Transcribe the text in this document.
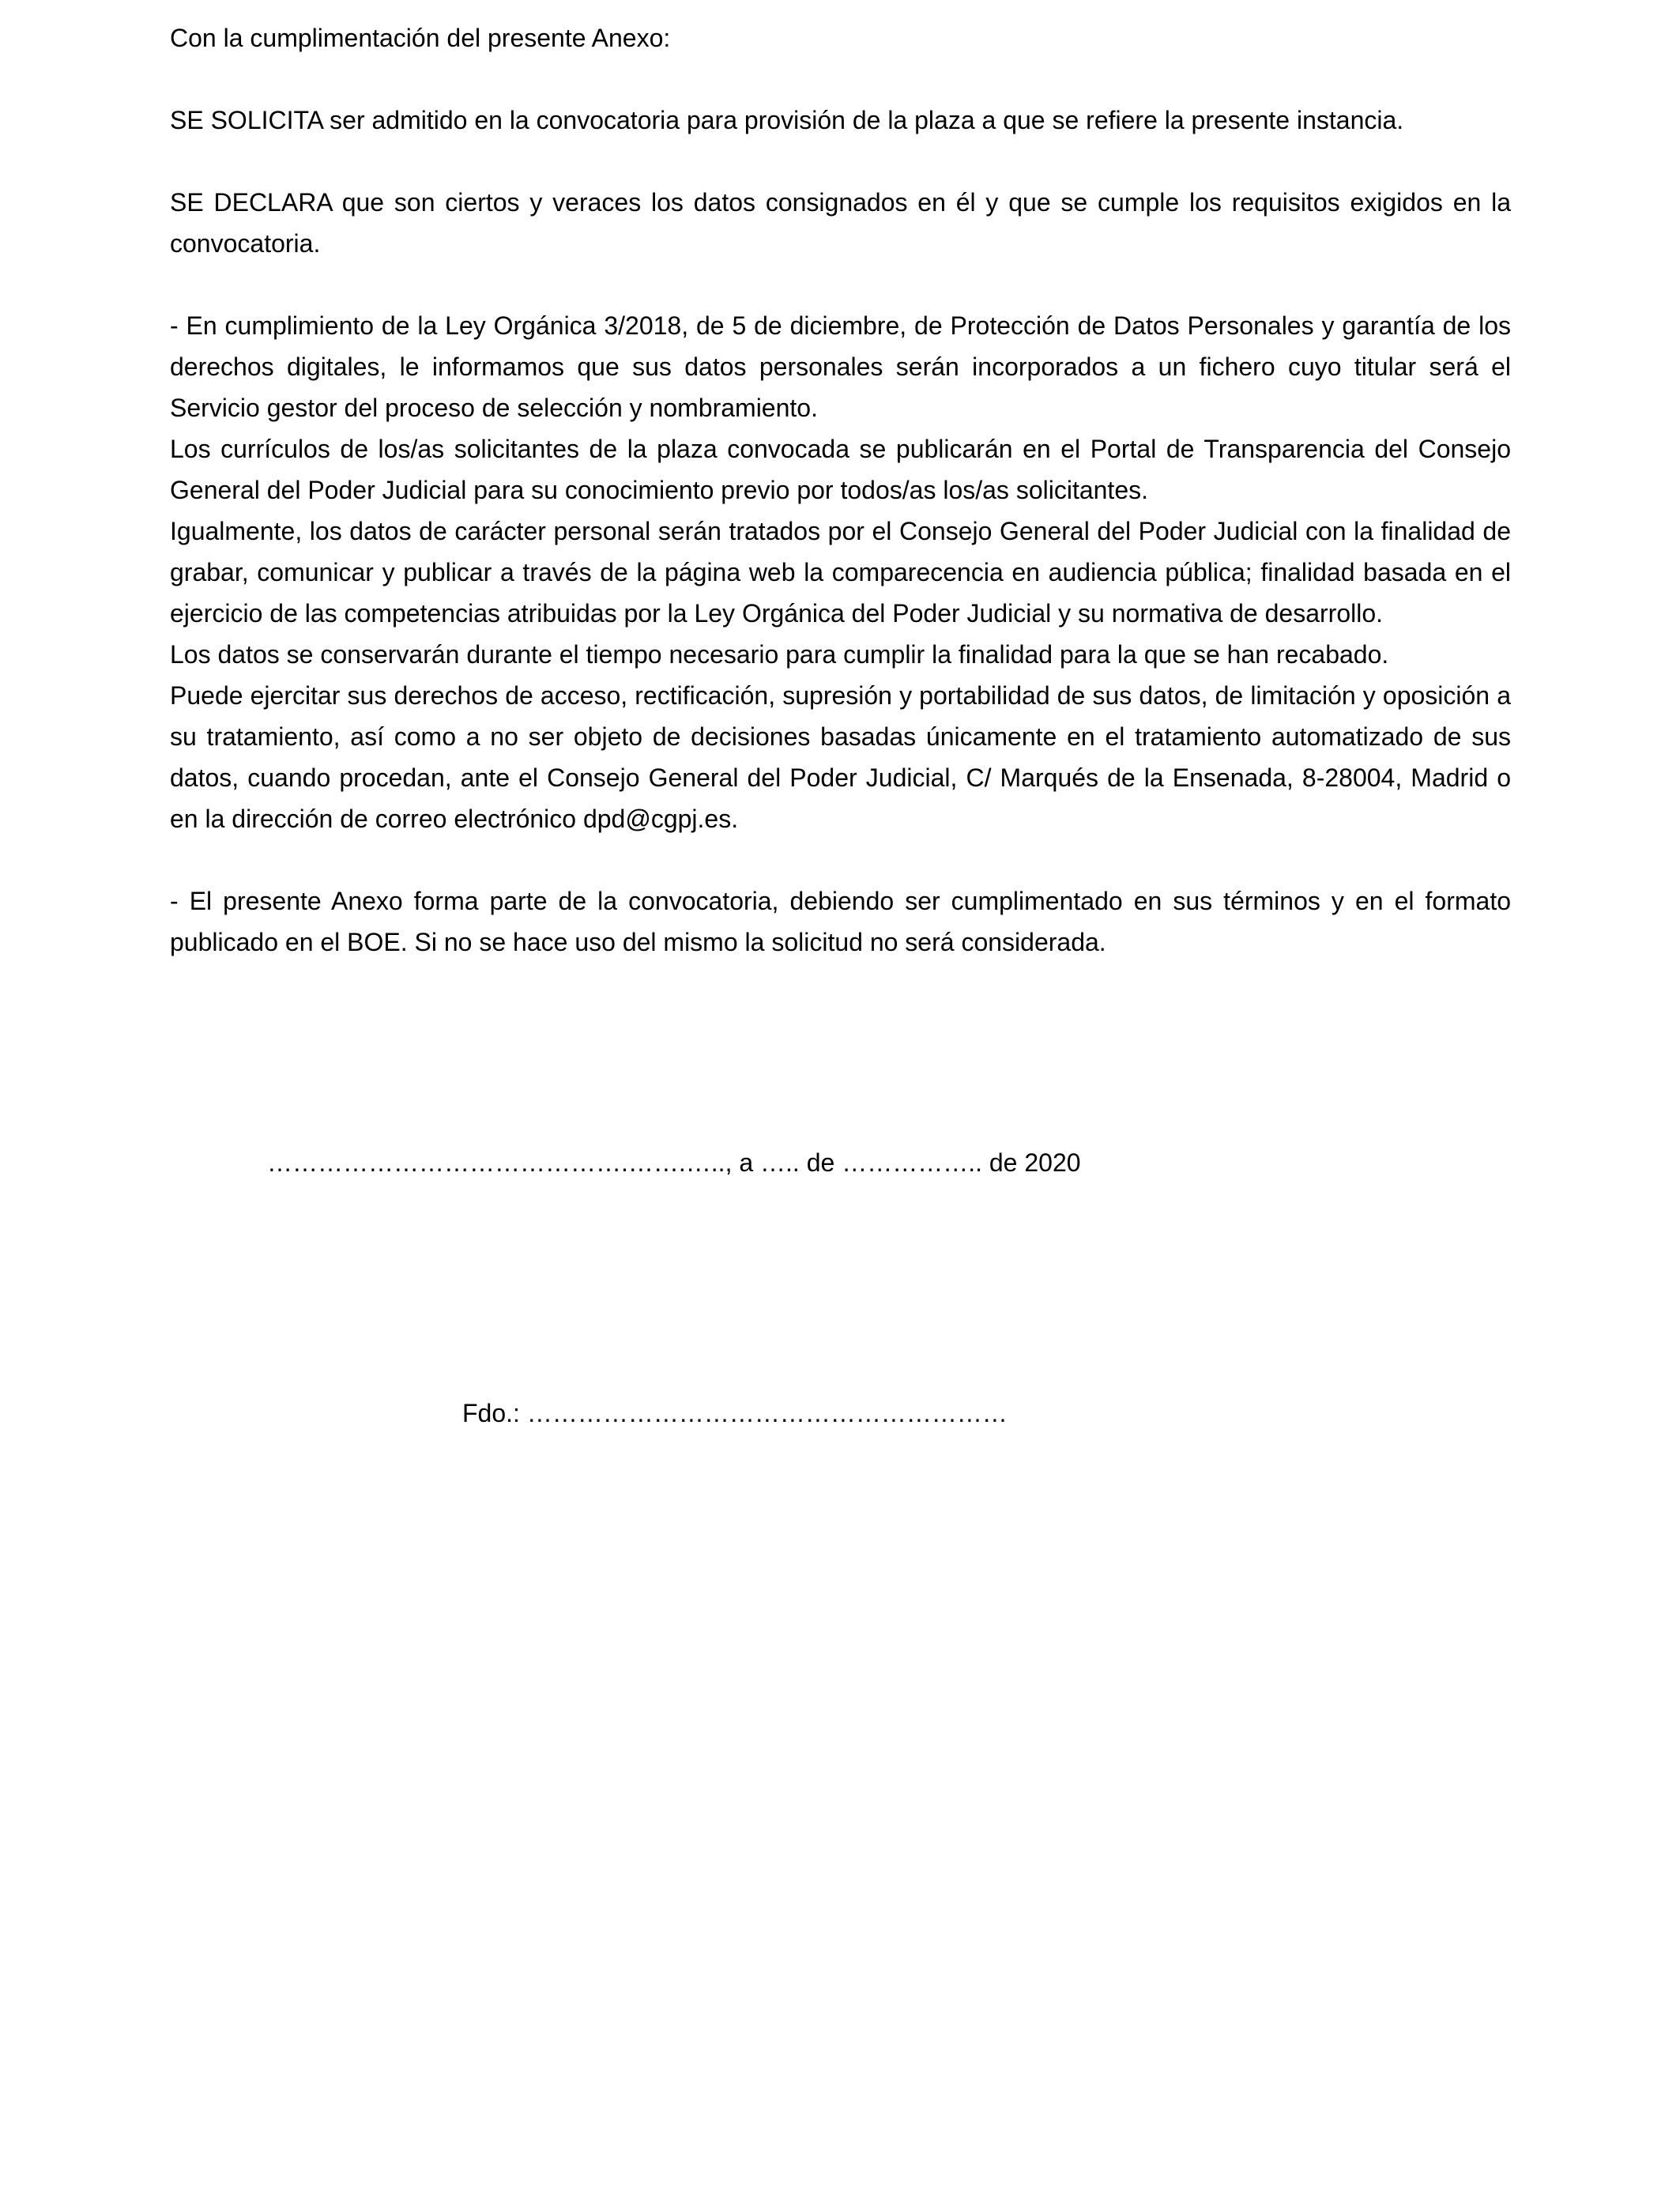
Con la cumplimentación del presente Anexo:

SE SOLICITA ser admitido en la convocatoria para provisión de la plaza a que se refiere la presente instancia.

SE DECLARA que son ciertos y veraces los datos consignados en él y que se cumple los requisitos exigidos en la convocatoria.

- En cumplimiento de la Ley Orgánica 3/2018, de 5 de diciembre, de Protección de Datos Personales y garantía de los derechos digitales, le informamos que sus datos personales serán incorporados a un fichero cuyo titular será el Servicio gestor del proceso de selección y nombramiento.

Los currículos de los/as solicitantes de la plaza convocada se publicarán en el Portal de Transparencia del Consejo General del Poder Judicial para su conocimiento previo por todos/as los/as solicitantes.

Igualmente, los datos de carácter personal serán tratados por el Consejo General del Poder Judicial con la finalidad de grabar, comunicar y publicar a través de la página web la comparecencia en audiencia pública; finalidad basada en el ejercicio de las competencias atribuidas por la Ley Orgánica del Poder Judicial y su normativa de desarrollo.

Los datos se conservarán durante el tiempo necesario para cumplir la finalidad para la que se han recabado.

Puede ejercitar sus derechos de acceso, rectificación, supresión y portabilidad de sus datos, de limitación y oposición a su tratamiento, así como a no ser objeto de decisiones basadas únicamente en el tratamiento automatizado de sus datos, cuando procedan, ante el Consejo General del Poder Judicial, C/ Marqués de la Ensenada, 8-28004, Madrid o en la dirección de correo electrónico dpd@cgpj.es.

- El presente Anexo forma parte de la convocatoria, debiendo ser cumplimentado en sus términos y en el formato publicado en el BOE. Si no se hace uso del mismo la solicitud no será considerada.

…………………………………….…….….., a ….. de …………….. de 2020
Fdo.: …………………………………………………
